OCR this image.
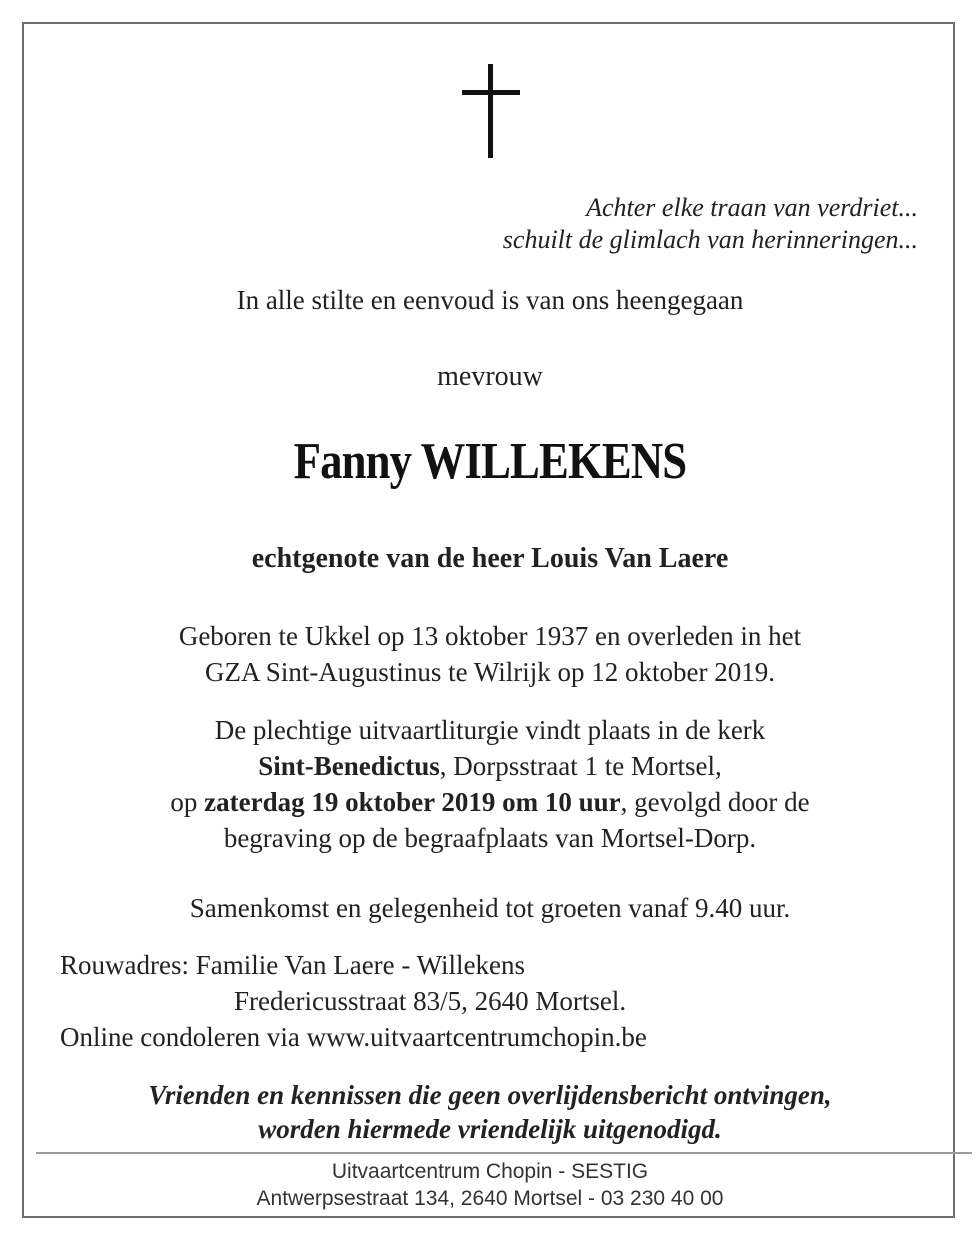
Achter elke traan van verdriet...
schuilt de glimlach van herinneringen...
In alle stilte en eenvoud is van ons heengegaan
mevrouw
Fanny WILLEKENS
echtgenote van de heer Louis Van Laere
Geboren te Ukkel op 13 oktober 1937 en overleden in het
GZA Sint-Augustinus te Wilrijk op 12 oktober 2019.
De plechtige uitvaartliturgie vindt plaats in de kerk
Sint-Benedictus, Dorpsstraat 1 te Mortsel,
op zaterdag 19 oktober 2019 om 10 uur, gevolgd door de
begraving op de begraafplaats van Mortsel-Dorp.
Samenkomst en gelegenheid tot groeten vanaf 9.40 uur.
Rouwadres: Familie Van Laere - Willekens
Fredericusstraat 83/5, 2640 Mortsel.
Online condoleren via www.uitvaartcentrumchopin.be
Vrienden en kennissen die geen overlijdensbericht ontvingen,
worden hiermede vriendelijk uitgenodigd.
Uitvaartcentrum Chopin - SESTIG
Antwerpsestraat 134, 2640 Mortsel - 03 230 40 00
